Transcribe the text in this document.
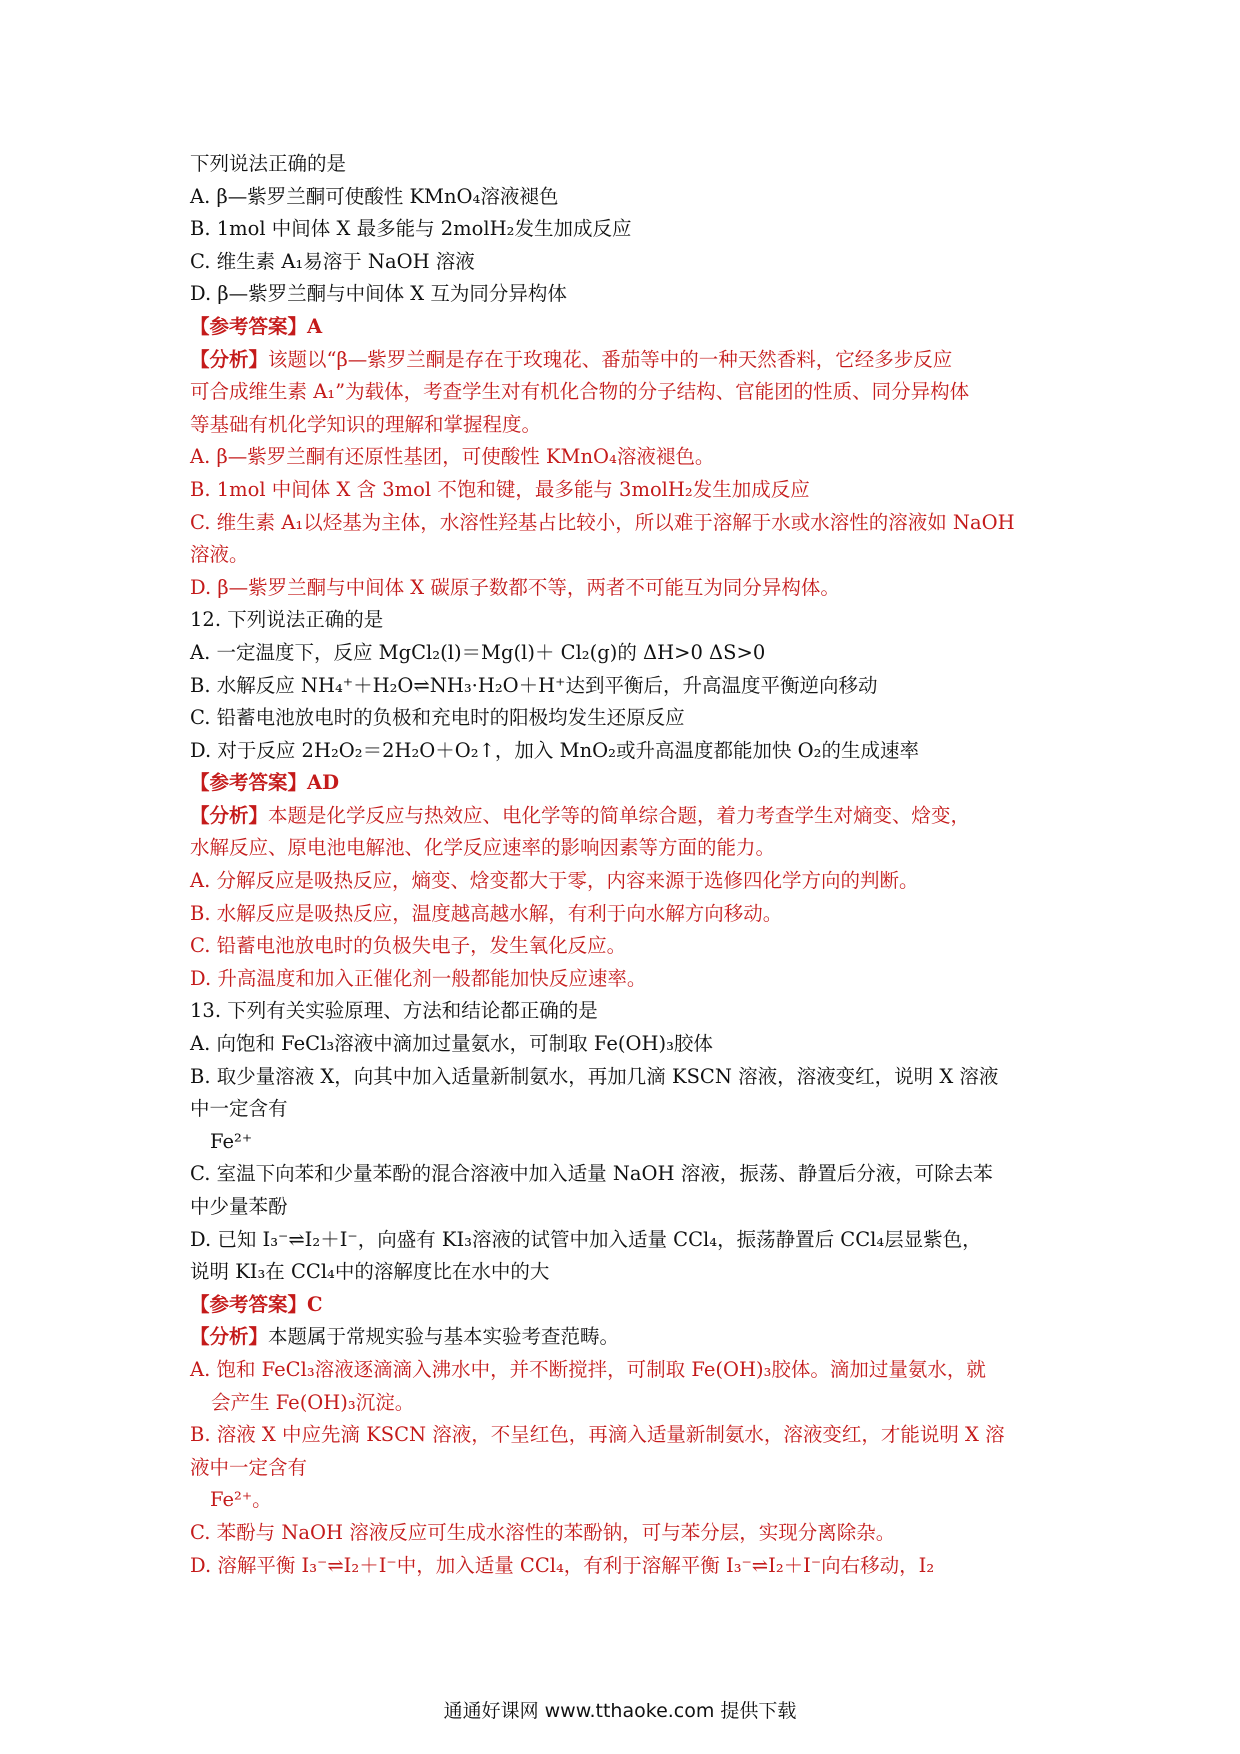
下列说法正确的是
A. β—紫罗兰酮可使酸性 KMnO₄溶液褪色
B. 1mol 中间体 X 最多能与 2molH₂发生加成反应
C. 维生素 A₁易溶于 NaOH 溶液
D. β—紫罗兰酮与中间体 X 互为同分异构体
【参考答案】A
【分析】该题以“β—紫罗兰酮是存在于玫瑰花、番茄等中的一种天然香料，它经多步反应
可合成维生素 A₁”为载体，考查学生对有机化合物的分子结构、官能团的性质、同分异构体
等基础有机化学知识的理解和掌握程度。
A. β—紫罗兰酮有还原性基团，可使酸性 KMnO₄溶液褪色。
B. 1mol 中间体 X 含 3mol 不饱和键，最多能与 3molH₂发生加成反应
C. 维生素 A₁以烃基为主体，水溶性羟基占比较小，所以难于溶解于水或水溶性的溶液如 NaOH
溶液。
D. β—紫罗兰酮与中间体 X 碳原子数都不等，两者不可能互为同分异构体。
12. 下列说法正确的是
A. 一定温度下，反应 MgCl₂(l)＝Mg(l)＋ Cl₂(g)的 ΔH>0 ΔS>0
B. 水解反应 NH₄⁺＋H₂O⇌NH₃·H₂O＋H⁺达到平衡后，升高温度平衡逆向移动
C. 铅蓄电池放电时的负极和充电时的阳极均发生还原反应
D. 对于反应 2H₂O₂＝2H₂O＋O₂↑，加入 MnO₂或升高温度都能加快 O₂的生成速率
【参考答案】AD
【分析】本题是化学反应与热效应、电化学等的简单综合题，着力考查学生对熵变、焓变，
水解反应、原电池电解池、化学反应速率的影响因素等方面的能力。
A. 分解反应是吸热反应，熵变、焓变都大于零，内容来源于选修四化学方向的判断。
B. 水解反应是吸热反应，温度越高越水解，有利于向水解方向移动。
C. 铅蓄电池放电时的负极失电子，发生氧化反应。
D. 升高温度和加入正催化剂一般都能加快反应速率。
13. 下列有关实验原理、方法和结论都正确的是
A. 向饱和 FeCl₃溶液中滴加过量氨水，可制取 Fe(OH)₃胶体
B. 取少量溶液 X，向其中加入适量新制氨水，再加几滴 KSCN 溶液，溶液变红，说明 X 溶液
中一定含有
Fe²⁺
C. 室温下向苯和少量苯酚的混合溶液中加入适量 NaOH 溶液，振荡、静置后分液，可除去苯
中少量苯酚
D. 已知 I₃⁻⇌I₂＋I⁻，向盛有 KI₃溶液的试管中加入适量 CCl₄，振荡静置后 CCl₄层显紫色，
说明 KI₃在 CCl₄中的溶解度比在水中的大
【参考答案】C
【分析】本题属于常规实验与基本实验考查范畴。
A. 饱和 FeCl₃溶液逐滴滴入沸水中，并不断搅拌，可制取 Fe(OH)₃胶体。滴加过量氨水，就
会产生 Fe(OH)₃沉淀。
B. 溶液 X 中应先滴 KSCN 溶液，不呈红色，再滴入适量新制氨水，溶液变红，才能说明 X 溶
液中一定含有
Fe²⁺。
C. 苯酚与 NaOH 溶液反应可生成水溶性的苯酚钠，可与苯分层，实现分离除杂。
D. 溶解平衡 I₃⁻⇌I₂＋I⁻中，加入适量 CCl₄，有利于溶解平衡 I₃⁻⇌I₂＋I⁻向右移动，I₂
通通好课网 www.tthaoke.com 提供下载
